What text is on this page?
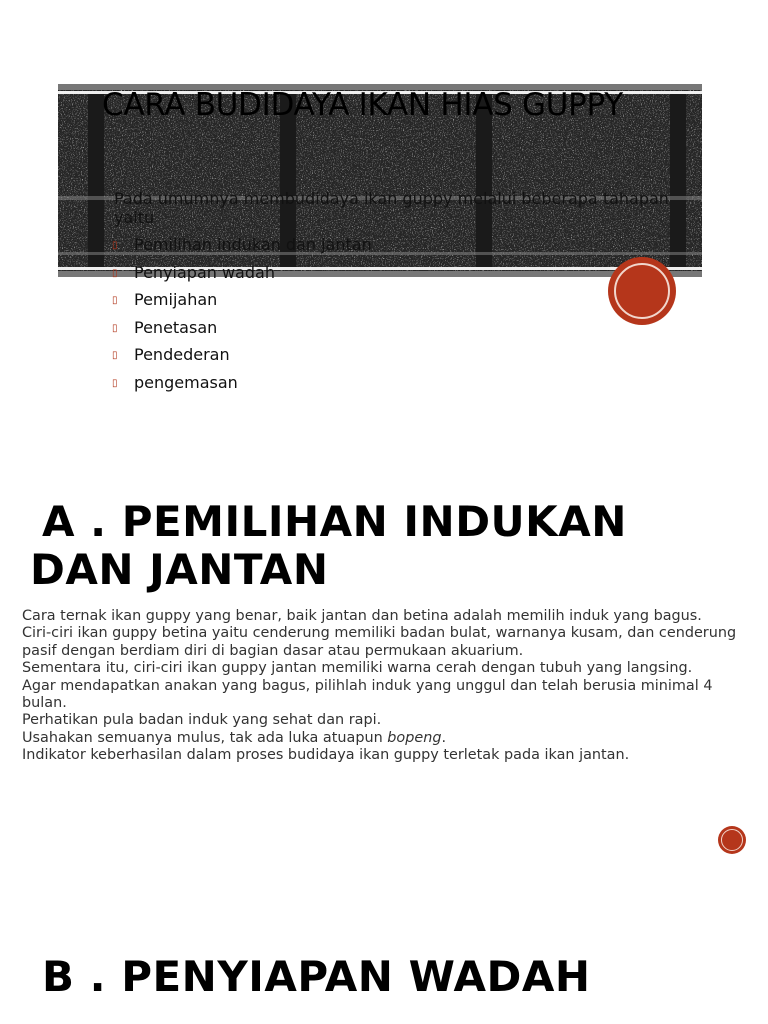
CARA BUDIDAYA IKAN HIAS GUPPY
Pada umumnya membudidaya ikan guppy melalui beberapa tahapan yaitu
▯ Pemilihan indukan dan jantan
▯ Penyiapan wadah
▯ Pemijahan
▯ Penetasan
▯ Pendederan
▯ pengemasan
A . PEMILIHAN INDUKAN
DAN JANTAN

Cara ternak ikan guppy yang benar, baik jantan dan betina adalah memilih induk yang bagus.

Ciri-ciri ikan guppy betina yaitu cenderung memiliki badan bulat, warnanya kusam, dan cenderung pasif dengan berdiam diri di bagian dasar atau permukaan akuarium.

Sementara itu, ciri-ciri ikan guppy jantan memiliki warna cerah dengan tubuh yang langsing.

Agar mendapatkan anakan yang bagus, pilihlah induk yang unggul dan telah berusia minimal 4 bulan.

Perhatikan pula badan induk yang sehat dan rapi.

Usahakan semuanya mulus, tak ada luka atuapun bopeng.

Indikator keberhasilan dalam proses budidaya ikan guppy terletak pada ikan jantan.

B . PENYIAPAN WADAH
